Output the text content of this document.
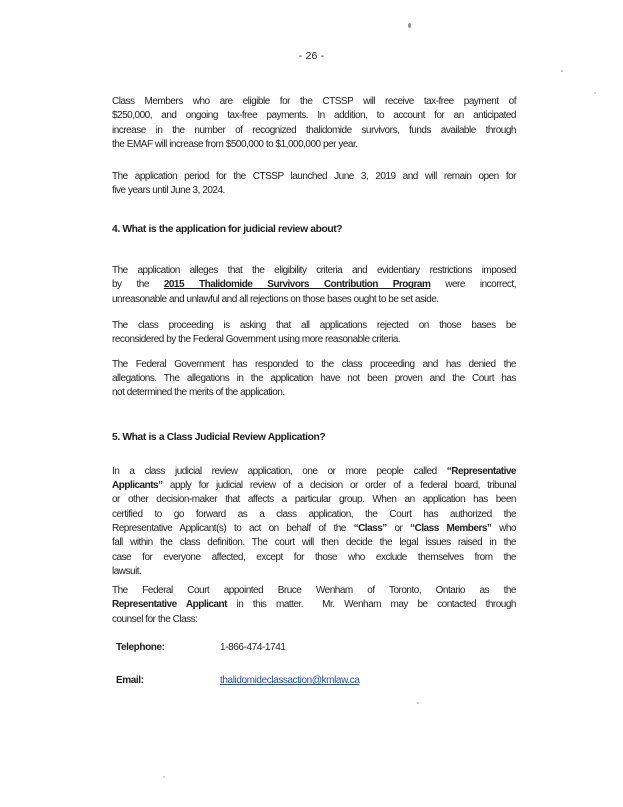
- 26 -
Class Members who are eligible for the CTSSP will receive tax-free payment of
$250,000, and ongoing tax-free payments. In addition, to account for an anticipated
increase in the number of recognized thalidomide survivors, funds available through
the EMAF will increase from $500,000 to $1,000,000 per year.
The application period for the CTSSP launched June 3, 2019 and will remain open for
five years until June 3, 2024.
4. What is the application for judicial review about?
The application alleges that the eligibility criteria and evidentiary restrictions imposed
by the 2015 Thalidomide Survivors Contribution Program were incorrect,
unreasonable and unlawful and all rejections on those bases ought to be set aside.
The class proceeding is asking that all applications rejected on those bases be
reconsidered by the Federal Government using more reasonable criteria.
The Federal Government has responded to the class proceeding and has denied the
allegations. The allegations in the application have not been proven and the Court has
not determined the merits of the application.
5. What is a Class Judicial Review Application?
In a class judicial review application, one or more people called “Representative
Applicants” apply for judicial review of a decision or order of a federal board, tribunal
or other decision-maker that affects a particular group. When an application has been
certified to go forward as a class application, the Court has authorized the
Representative Applicant(s) to act on behalf of the “Class” or “Class Members” who
fall within the class definition. The court will then decide the legal issues raised in the
case for everyone affected, except for those who exclude themselves from the
lawsuit.
The Federal Court appointed Bruce Wenham of Toronto, Ontario as the
Representative Applicant in this matter.  Mr. Wenham may be contacted through
counsel for the Class:
Telephone:	1-866-474-1741
Email:	thalidomideclassaction@kmlaw.ca
